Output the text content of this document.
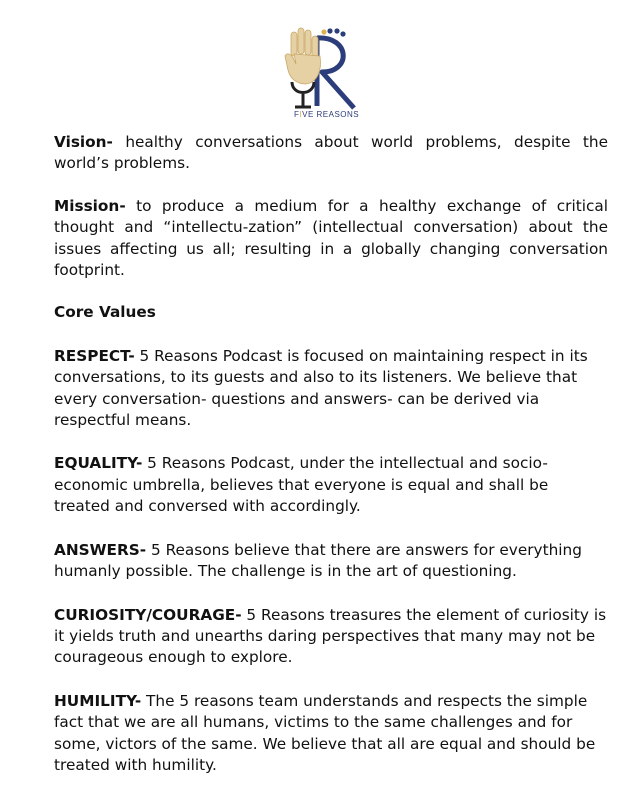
FIVE REASONS

Vision- healthy conversations about world problems, despite the world’s problems.

Mission- to produce a medium for a healthy exchange of critical thought and “intellectu-zation” (intellectual conversation) about the issues affecting us all; resulting in a globally changing conversation footprint.

Core Values

RESPECT- 5 Reasons Podcast is focused on maintaining respect in its conversations, to its guests and also to its listeners. We believe that every conversation- questions and answers- can be derived via respectful means.

EQUALITY- 5 Reasons Podcast, under the intellectual and socio-economic umbrella, believes that everyone is equal and shall be treated and conversed with accordingly.

ANSWERS- 5 Reasons believe that there are answers for everything humanly possible. The challenge is in the art of questioning.

CURIOSITY/COURAGE- 5 Reasons treasures the element of curiosity is it yields truth and unearths daring perspectives that many may not be courageous enough to explore.

HUMILITY- The 5 reasons team understands and respects the simple fact that we are all humans, victims to the same challenges and for some, victors of the same. We believe that all are equal and should be treated with humility.
